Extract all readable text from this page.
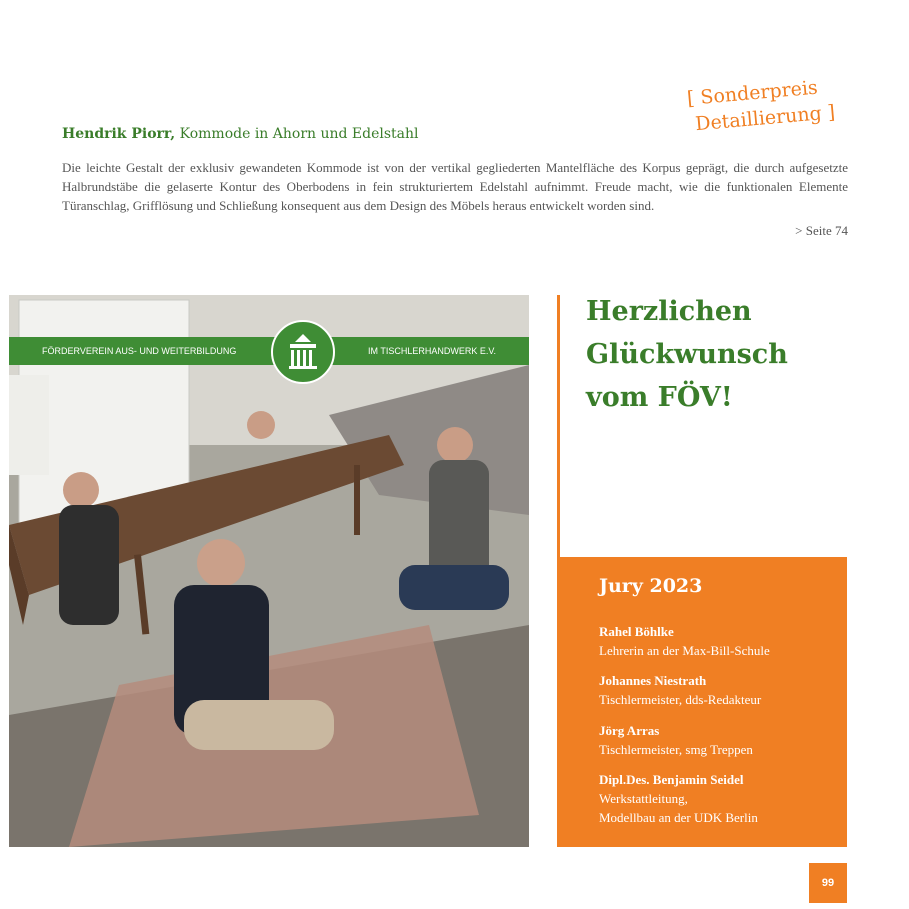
[ Sonderpreis
Detaillierung ]
Hendrik Piorr, Kommode in Ahorn und Edelstahl
Die leichte Gestalt der exklusiv gewandeten Kommode ist von der vertikal gegliederten Mantelfläche des Korpus geprägt, die durch aufgesetzte Halbrundstäbe die gelaserte Kontur des Oberbodens in fein strukturiertem Edelstahl aufnimmt. Freude macht, wie die funktionalen Elemente Türanschlag, Grifflösung und Schließung konsequent aus dem Design des Möbels heraus entwickelt worden sind.
> Seite 74
FÖRDERVEREIN AUS- UND WEITERBILDUNG	IM TISCHLERHANDWERK E.V.
Herzlichen
Glückwunsch
vom FÖV!
Jury 2023
Rahel Böhlke
Lehrerin an der Max-Bill-Schule
Johannes Niestrath
Tischlermeister, dds-Redakteur
Jörg Arras
Tischlermeister, smg Treppen
Dipl.Des. Benjamin Seidel
Werkstattleitung,
Modellbau an der UDK Berlin
99
